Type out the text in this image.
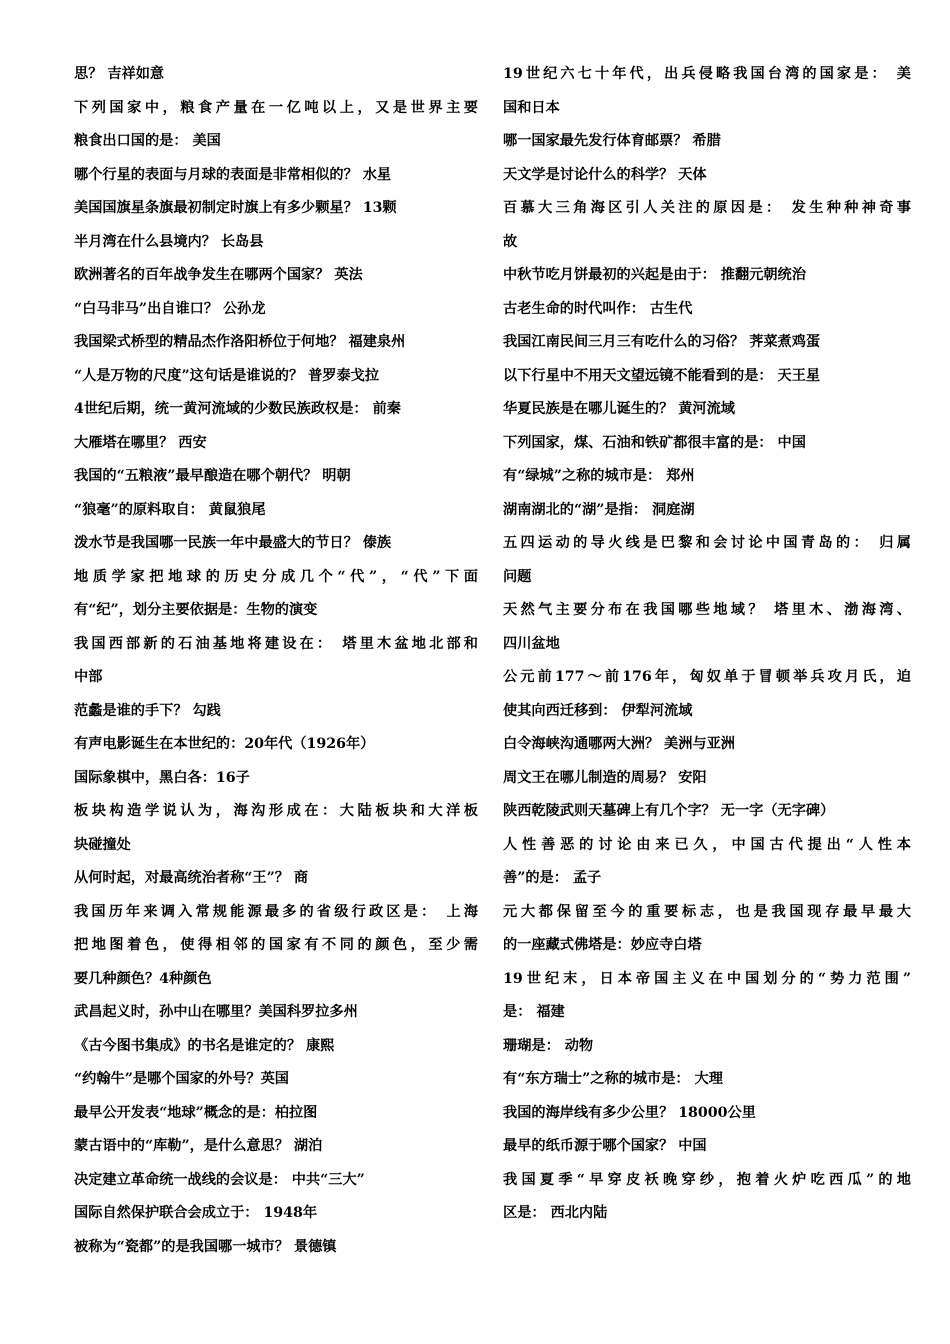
思？ 吉祥如意
下列国家中，粮食产量在一亿吨以上，又是世界主要
粮食出口国的是： 美国
哪个行星的表面与月球的表面是非常相似的？ 水星
美国国旗星条旗最初制定时旗上有多少颗星？ 13颗
半月湾在什么县境内？ 长岛县
欧洲著名的百年战争发生在哪两个国家？ 英法
“白马非马”出自谁口？ 公孙龙
我国梁式桥型的精品杰作洛阳桥位于何地？ 福建泉州
“人是万物的尺度”这句话是谁说的？ 普罗泰戈拉
4世纪后期，统一黄河流域的少数民族政权是： 前秦
大雁塔在哪里？ 西安
我国的“五粮液”最早酿造在哪个朝代？ 明朝
“狼毫”的原料取自： 黄鼠狼尾
泼水节是我国哪一民族一年中最盛大的节日？ 傣族
地质学家把地球的历史分成几个“代”，“代”下面
有“纪”，划分主要依据是：生物的演变
我国西部新的石油基地将建设在： 塔里木盆地北部和
中部
范蠡是谁的手下？ 勾践
有声电影诞生在本世纪的：20年代（1926年）
国际象棋中，黑白各：16子
板块构造学说认为，海沟形成在：大陆板块和大洋板
块碰撞处
从何时起，对最高统治者称“王”？ 商
我国历年来调入常规能源最多的省级行政区是： 上海
把地图着色，使得相邻的国家有不同的颜色，至少需
要几种颜色？4种颜色
武昌起义时，孙中山在哪里？美国科罗拉多州
《古今图书集成》的书名是谁定的？ 康熙
“约翰牛”是哪个国家的外号？英国
最早公开发表“地球”概念的是：柏拉图
蒙古语中的“库勒”，是什么意思？ 湖泊
决定建立革命统一战线的会议是： 中共“三大”
国际自然保护联合会成立于： 1948年
被称为“瓷都”的是我国哪一城市？ 景德镇
19世纪六七十年代，出兵侵略我国台湾的国家是： 美
国和日本
哪一国家最先发行体育邮票？ 希腊
天文学是讨论什么的科学？ 天体
百慕大三角海区引人关注的原因是： 发生种种神奇事
故
中秋节吃月饼最初的兴起是由于： 推翻元朝统治
古老生命的时代叫作： 古生代
我国江南民间三月三有吃什么的习俗？ 荠菜煮鸡蛋
以下行星中不用天文望远镜不能看到的是： 天王星
华夏民族是在哪儿诞生的？ 黄河流域
下列国家，煤、石油和铁矿都很丰富的是： 中国
有“绿城”之称的城市是： 郑州
湖南湖北的“湖”是指： 洞庭湖
五四运动的导火线是巴黎和会讨论中国青岛的： 归属
问题
天然气主要分布在我国哪些地域？ 塔里木、渤海湾、
四川盆地
公元前177～前176年，匈奴单于冒顿举兵攻月氏，迫
使其向西迁移到： 伊犁河流域
白令海峡沟通哪两大洲？ 美洲与亚洲
周文王在哪儿制造的周易？ 安阳
陕西乾陵武则天墓碑上有几个字？ 无一字（无字碑）
人性善恶的讨论由来已久，中国古代提出“人性本
善”的是： 孟子
元大都保留至今的重要标志，也是我国现存最早最大
的一座藏式佛塔是：妙应寺白塔
19世纪末，日本帝国主义在中国划分的“势力范围”
是： 福建
珊瑚是： 动物
有“东方瑞士”之称的城市是： 大理
我国的海岸线有多少公里？ 18000公里
最早的纸币源于哪个国家？ 中国
我国夏季“早穿皮袄晚穿纱，抱着火炉吃西瓜”的地
区是： 西北内陆
